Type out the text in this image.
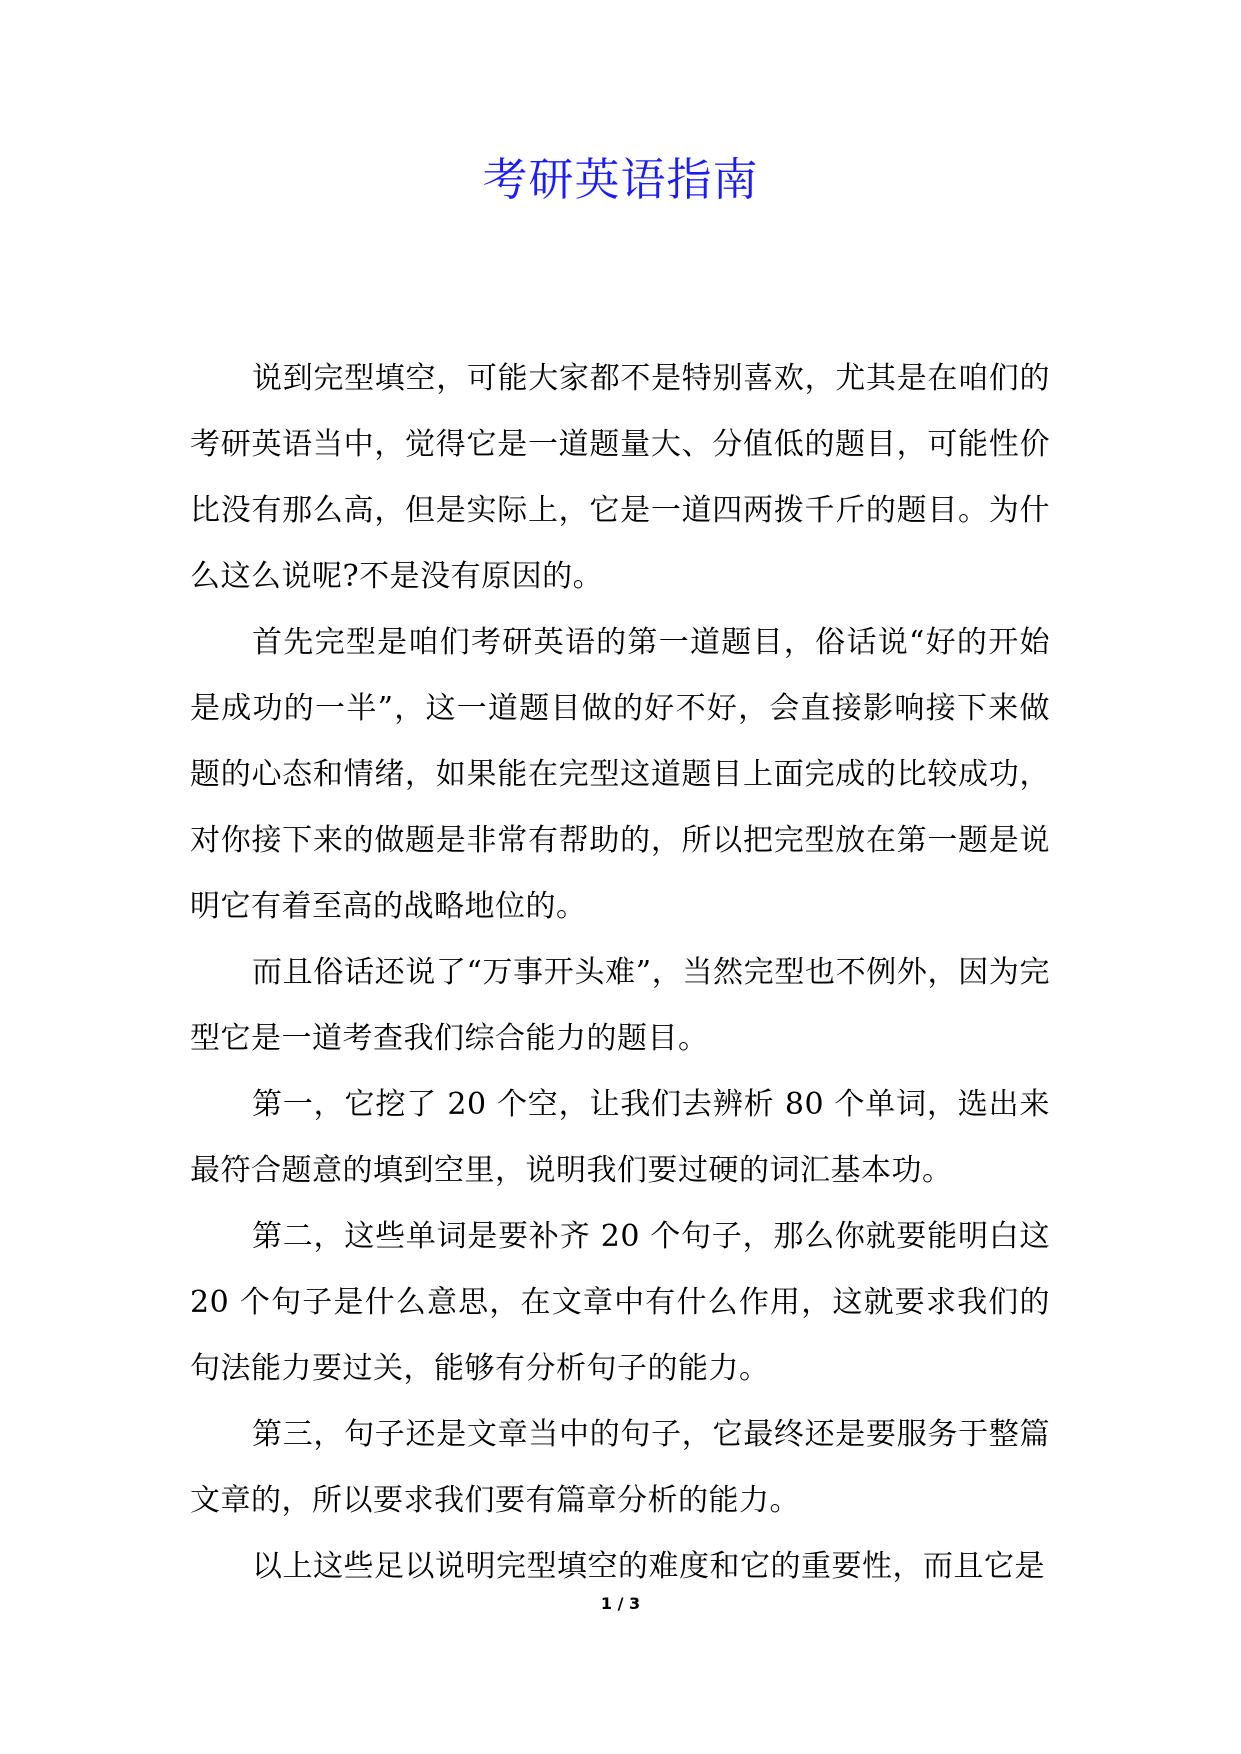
考研英语指南

说到完型填空，可能大家都不是特别喜欢，尤其是在咱们的考研英语当中，觉得它是一道题量大、分值低的题目，可能性价比没有那么高，但是实际上，它是一道四两拨千斤的题目。为什么这么说呢?不是没有原因的。

首先完型是咱们考研英语的第一道题目，俗话说“好的开始是成功的一半”，这一道题目做的好不好，会直接影响接下来做题的心态和情绪，如果能在完型这道题目上面完成的比较成功，对你接下来的做题是非常有帮助的，所以把完型放在第一题是说明它有着至高的战略地位的。

而且俗话还说了“万事开头难”，当然完型也不例外，因为完型它是一道考查我们综合能力的题目。

第一，它挖了 20 个空，让我们去辨析 80 个单词，选出来最符合题意的填到空里，说明我们要过硬的词汇基本功。

第二，这些单词是要补齐 20 个句子，那么你就要能明白这 20 个句子是什么意思，在文章中有什么作用，这就要求我们的句法能力要过关，能够有分析句子的能力。

第三，句子还是文章当中的句子，它最终还是要服务于整篇文章的，所以要求我们要有篇章分析的能力。

以上这些足以说明完型填空的难度和它的重要性，而且它是

1 / 3
